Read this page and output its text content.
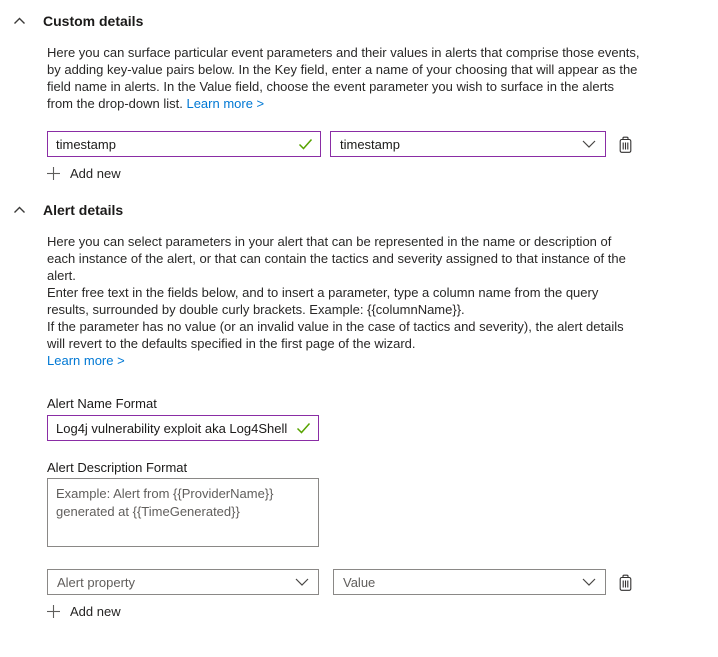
Custom details
Here you can surface particular event parameters and their values in alerts that comprise those events,
by adding key-value pairs below. In the Key field, enter a name of your choosing that will appear as the
field name in alerts. In the Value field, choose the event parameter you wish to surface in the alerts
from the drop-down list. Learn more >
timestamp
timestamp
Add new
Alert details
Here you can select parameters in your alert that can be represented in the name or description of
each instance of the alert, or that can contain the tactics and severity assigned to that instance of the
alert.
Enter free text in the fields below, and to insert a parameter, type a column name from the query
results, surrounded by double curly brackets. Example: {{columnName}}.
If the parameter has no value (or an invalid value in the case of tactics and severity), the alert details
will revert to the defaults specified in the first page of the wizard.
Learn more >
Alert Name Format
Log4j vulnerability exploit aka Log4Shell ...
Alert Description Format
Example: Alert from {{ProviderName}} generated at {{TimeGenerated}}
Alert property	Value
Add new
